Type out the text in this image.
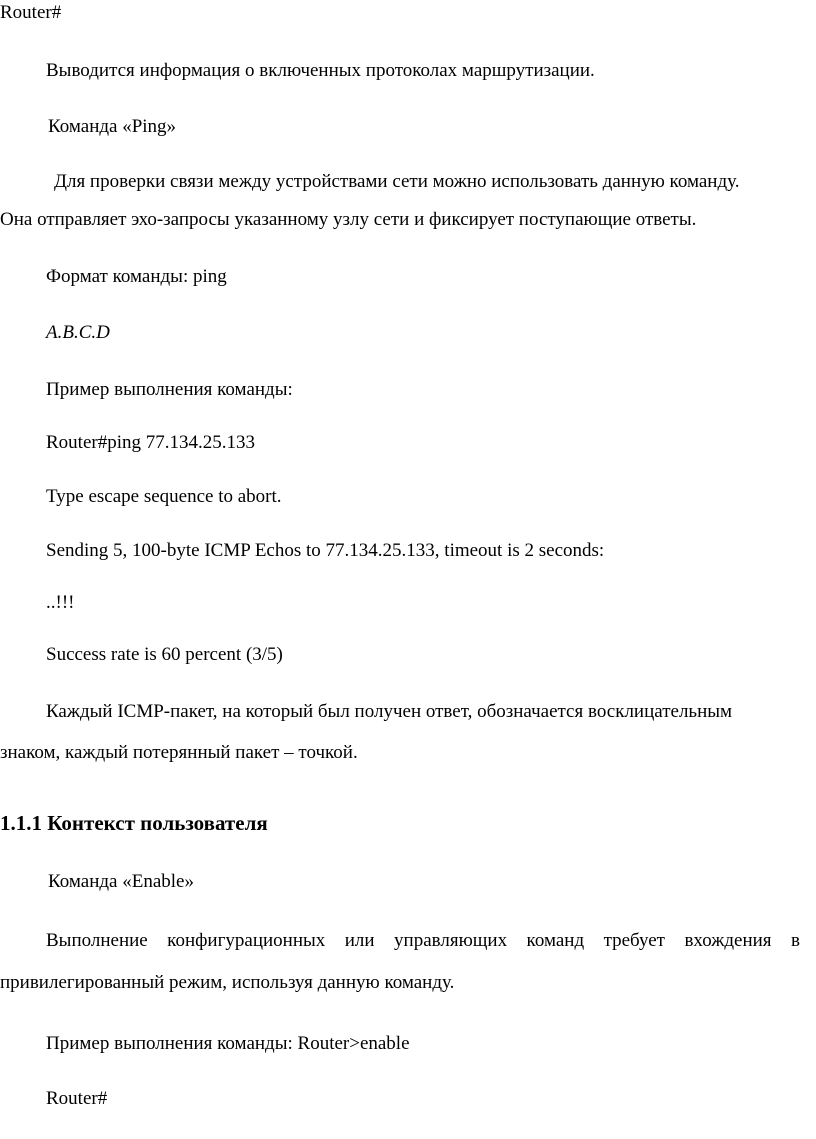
Router#
Выводится информация о включенных протоколах маршрутизации.
Команда «Ping»
Для проверки связи между устройствами сети можно использовать данную команду.
Она отправляет эхо-запросы указанному узлу сети и фиксирует поступающие ответы.
Формат команды: ping
A.B.C.D
Пример выполнения команды:
Router#ping 77.134.25.133
Type escape sequence to abort.
Sending 5, 100-byte ICMP Echos to 77.134.25.133, timeout is 2 seconds:
..!!!
Success rate is 60 percent (3/5)
Каждый ICMP-пакет, на который был получен ответ, обозначается восклицательным
знаком, каждый потерянный пакет – точкой.
1.1.1 Контекст пользователя
Команда «Enable»
Выполнение конфигурационных или управляющих команд требует вхождения в
привилегированный режим, используя данную команду.
Пример выполнения команды: Router>enable
Router#
